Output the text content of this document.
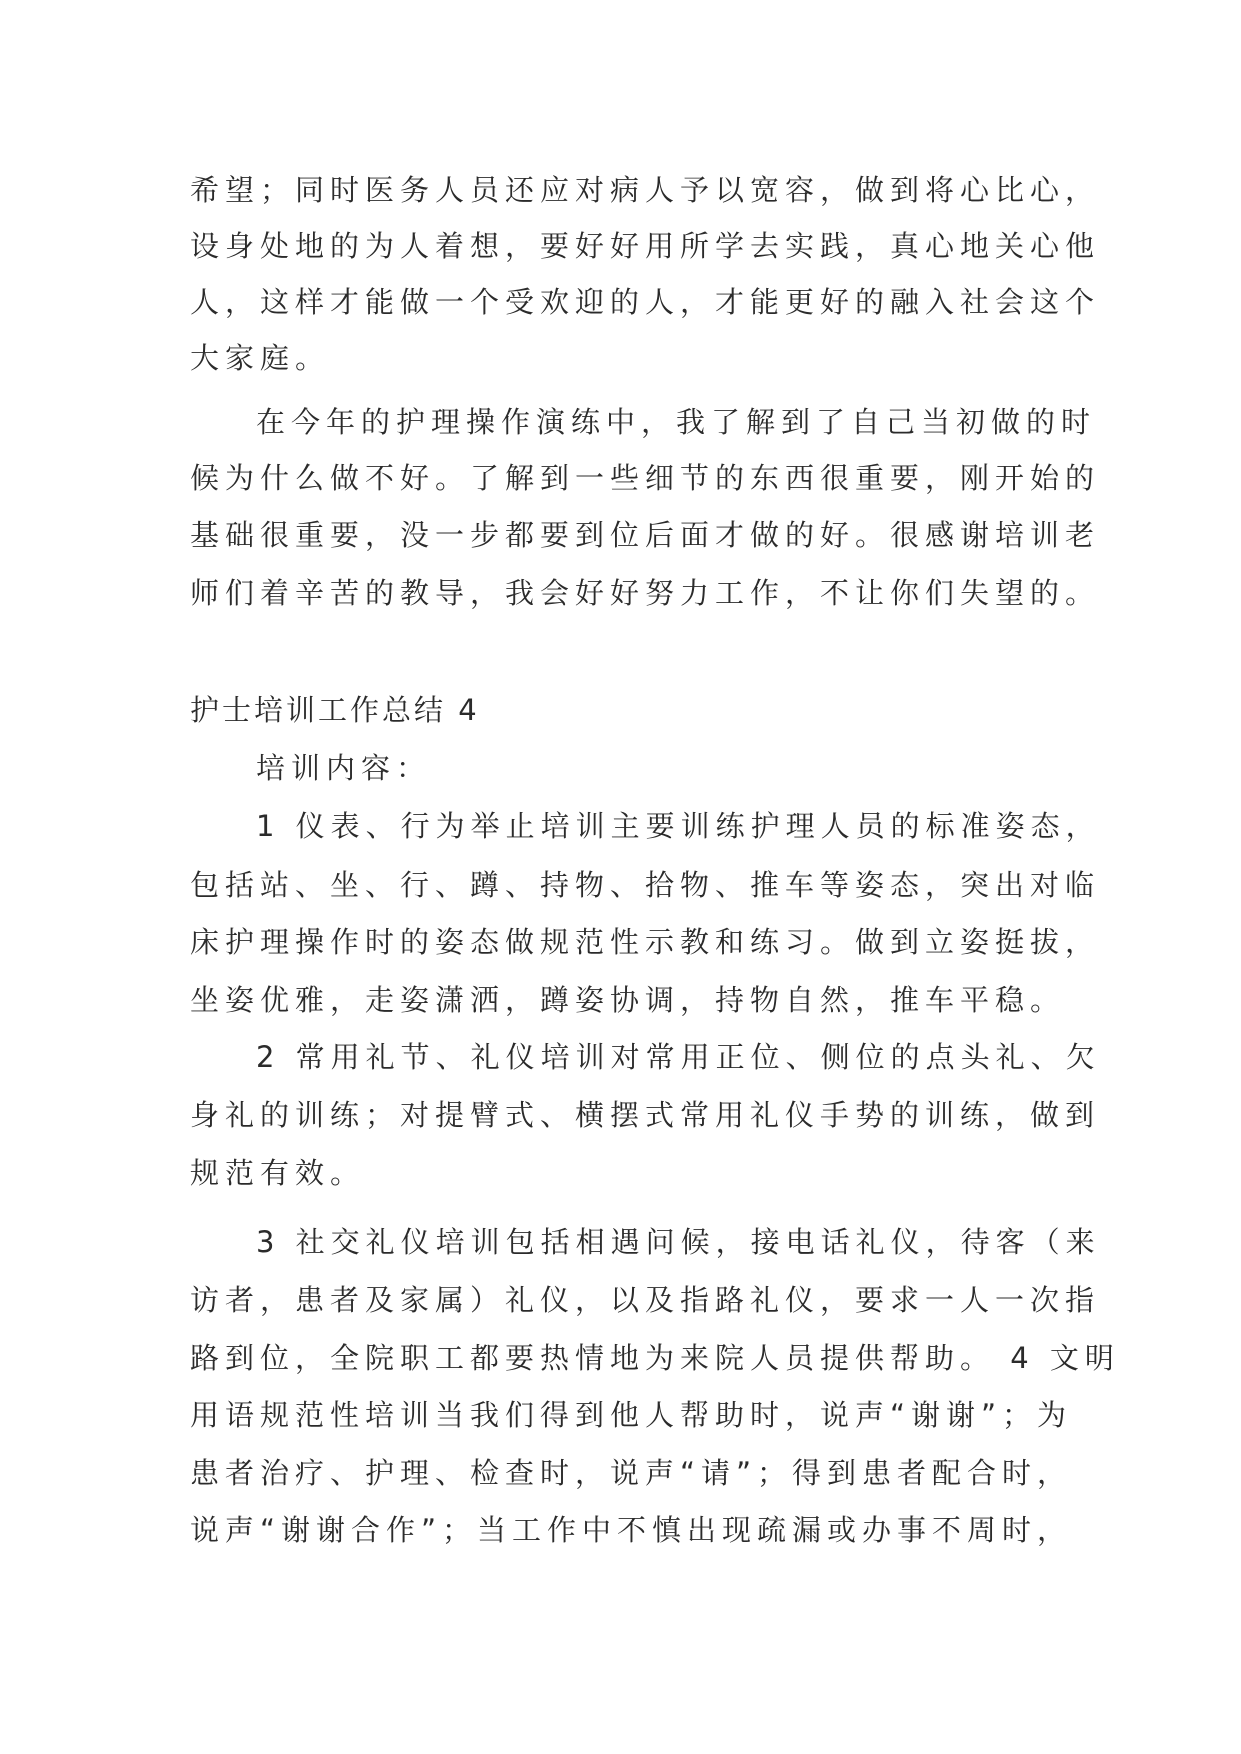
希望；同时医务人员还应对病人予以宽容，做到将心比心，
设身处地的为人着想，要好好用所学去实践，真心地关心他
人，这样才能做一个受欢迎的人，才能更好的融入社会这个
大家庭。
在今年的护理操作演练中，我了解到了自己当初做的时
候为什么做不好。了解到一些细节的东西很重要，刚开始的
基础很重要，没一步都要到位后面才做的好。很感谢培训老
师们着辛苦的教导，我会好好努力工作，不让你们失望的。
护士培训工作总结 4
培训内容：
1 仪表、行为举止培训主要训练护理人员的标准姿态，
包括站、坐、行、蹲、持物、拾物、推车等姿态，突出对临
床护理操作时的姿态做规范性示教和练习。做到立姿挺拔，
坐姿优雅，走姿潇洒，蹲姿协调，持物自然，推车平稳。
2 常用礼节、礼仪培训对常用正位、侧位的点头礼、欠
身礼的训练；对提臂式、横摆式常用礼仪手势的训练，做到
规范有效。
3 社交礼仪培训包括相遇问候，接电话礼仪，待客（来
访者，患者及家属）礼仪，以及指路礼仪，要求一人一次指
路到位，全院职工都要热情地为来院人员提供帮助。 4 文明
用语规范性培训当我们得到他人帮助时，说声“谢谢”；为
患者治疗、护理、检查时，说声“请”；得到患者配合时，
说声“谢谢合作”；当工作中不慎出现疏漏或办事不周时，
